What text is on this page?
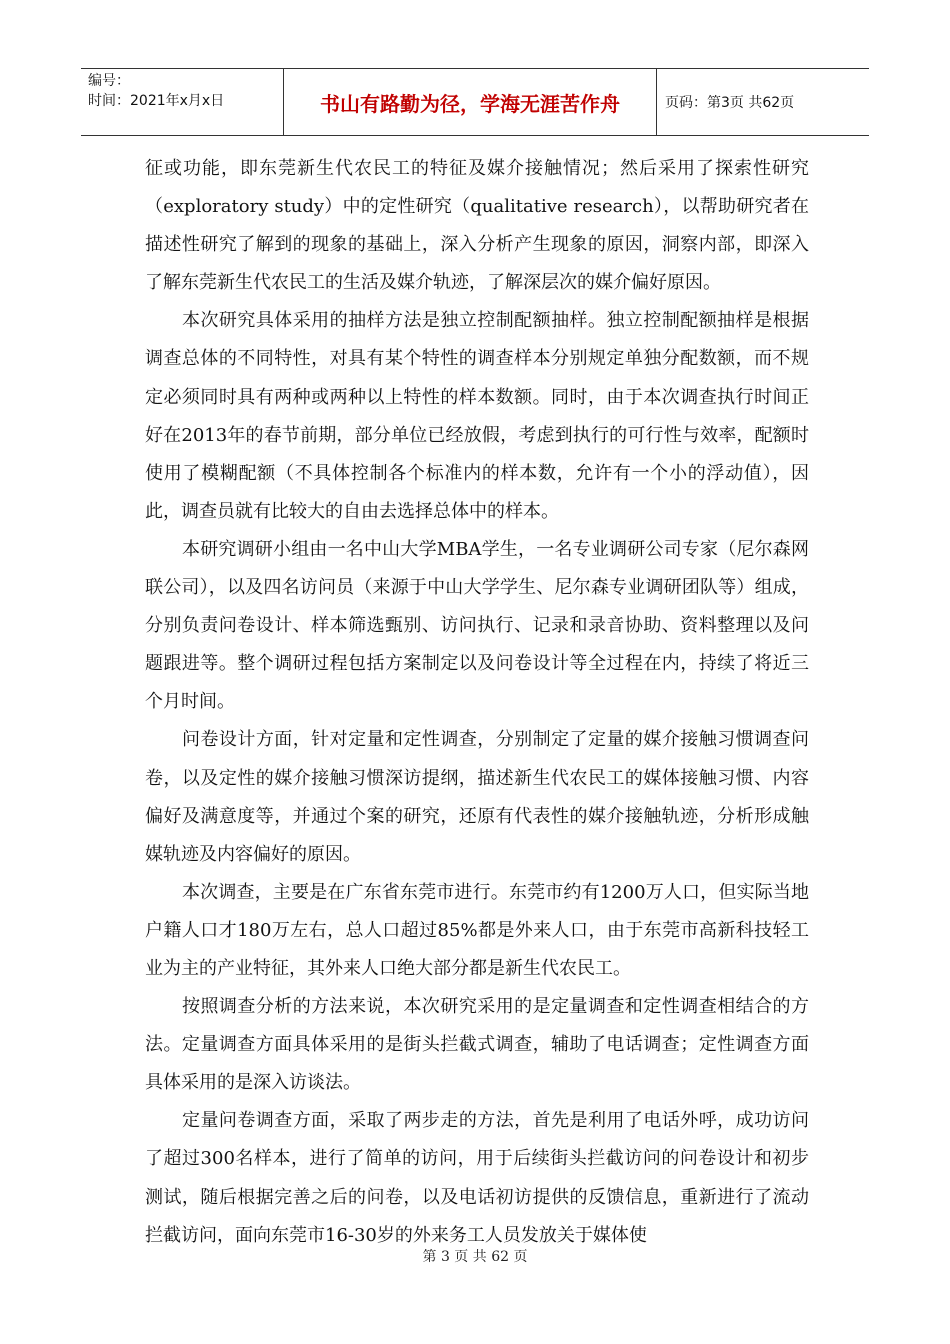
编号：
时间：2021年x月x日	书山有路勤为径，学海无涯苦作舟	页码：第3页 共62页

征或功能，即东莞新生代农民工的特征及媒介接触情况；然后采用了探索性研究（exploratory study）中的定性研究（qualitative research），以帮助研究者在描述性研究了解到的现象的基础上，深入分析产生现象的原因，洞察内部，即深入了解东莞新生代农民工的生活及媒介轨迹，了解深层次的媒介偏好原因。

本次研究具体采用的抽样方法是独立控制配额抽样。独立控制配额抽样是根据调查总体的不同特性，对具有某个特性的调查样本分别规定单独分配数额，而不规定必须同时具有两种或两种以上特性的样本数额。同时，由于本次调查执行时间正好在2013年的春节前期，部分单位已经放假，考虑到执行的可行性与效率，配额时使用了模糊配额（不具体控制各个标准内的样本数，允许有一个小的浮动值），因此，调查员就有比较大的自由去选择总体中的样本。

本研究调研小组由一名中山大学MBA学生，一名专业调研公司专家（尼尔森网联公司），以及四名访问员（来源于中山大学学生、尼尔森专业调研团队等）组成，分别负责问卷设计、样本筛选甄别、访问执行、记录和录音协助、资料整理以及问题跟进等。整个调研过程包括方案制定以及问卷设计等全过程在内，持续了将近三个月时间。

问卷设计方面，针对定量和定性调查，分别制定了定量的媒介接触习惯调查问卷，以及定性的媒介接触习惯深访提纲，描述新生代农民工的媒体接触习惯、内容偏好及满意度等，并通过个案的研究，还原有代表性的媒介接触轨迹，分析形成触媒轨迹及内容偏好的原因。

本次调查，主要是在广东省东莞市进行。东莞市约有1200万人口，但实际当地户籍人口才180万左右，总人口超过85%都是外来人口，由于东莞市高新科技轻工业为主的产业特征，其外来人口绝大部分都是新生代农民工。

按照调查分析的方法来说，本次研究采用的是定量调查和定性调查相结合的方法。定量调查方面具体采用的是街头拦截式调查，辅助了电话调查；定性调查方面具体采用的是深入访谈法。

定量问卷调查方面，采取了两步走的方法，首先是利用了电话外呼，成功访问了超过300名样本，进行了简单的访问，用于后续街头拦截访问的问卷设计和初步测试，随后根据完善之后的问卷，以及电话初访提供的反馈信息，重新进行了流动拦截访问，面向东莞市16-30岁的外来务工人员发放关于媒体使

第 3 页 共 62 页
